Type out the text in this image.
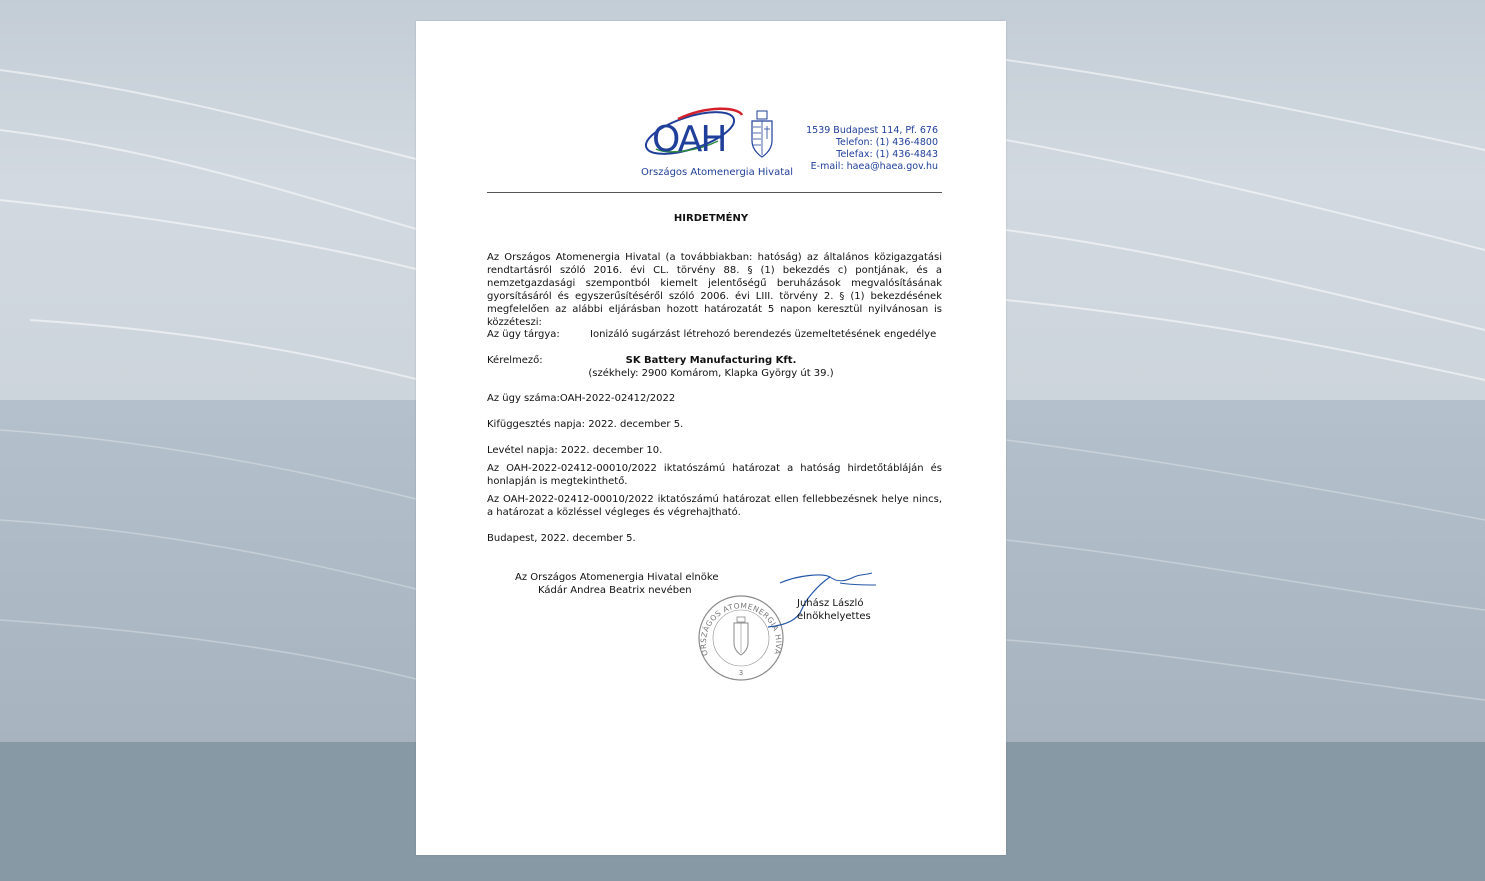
OAH
Országos Atomenergia Hivatal
1539 Budapest 114, Pf. 676
Telefon: (1) 436-4800
Telefax: (1) 436-4843
E-mail: haea@haea.gov.hu
HIRDETMÉNY
Az Országos Atomenergia Hivatal (a továbbiakban: hatóság) az általános közigazgatási rendtartásról szóló 2016. évi CL. törvény 88. § (1) bekezdés c) pontjának, és a nemzetgazdasági szempontból kiemelt jelentőségű beruházások megvalósításának gyorsításáról és egyszerűsítéséről szóló 2006. évi LIII. törvény 2. § (1) bekezdésének megfelelően az alábbi eljárásban hozott határozatát 5 napon keresztül nyilvánosan is közzéteszi:
Az ügy tárgya:	Ionizáló sugárzást létrehozó berendezés üzemeltetésének engedélye
Kérelmező:	SK Battery Manufacturing Kft.
(székhely: 2900 Komárom, Klapka György út 39.)
Az ügy száma:OAH-2022-02412/2022
Kifüggesztés napja: 2022. december 5.
Levétel napja: 2022. december 10.
Az OAH-2022-02412-00010/2022 iktatószámú határozat a hatóság hirdetőtábláján és honlapján is megtekinthető.
Az OAH-2022-02412-00010/2022 iktatószámú határozat ellen fellebbezésnek helye nincs, a határozat a közléssel végleges és végrehajtható.
Budapest, 2022. december 5.
Az Országos Atomenergia Hivatal elnöke
Kádár Andrea Beatrix nevében
ORSZÁGOS ATOMENERGIA HIVA
3
Juhász László
elnökhelyettes
